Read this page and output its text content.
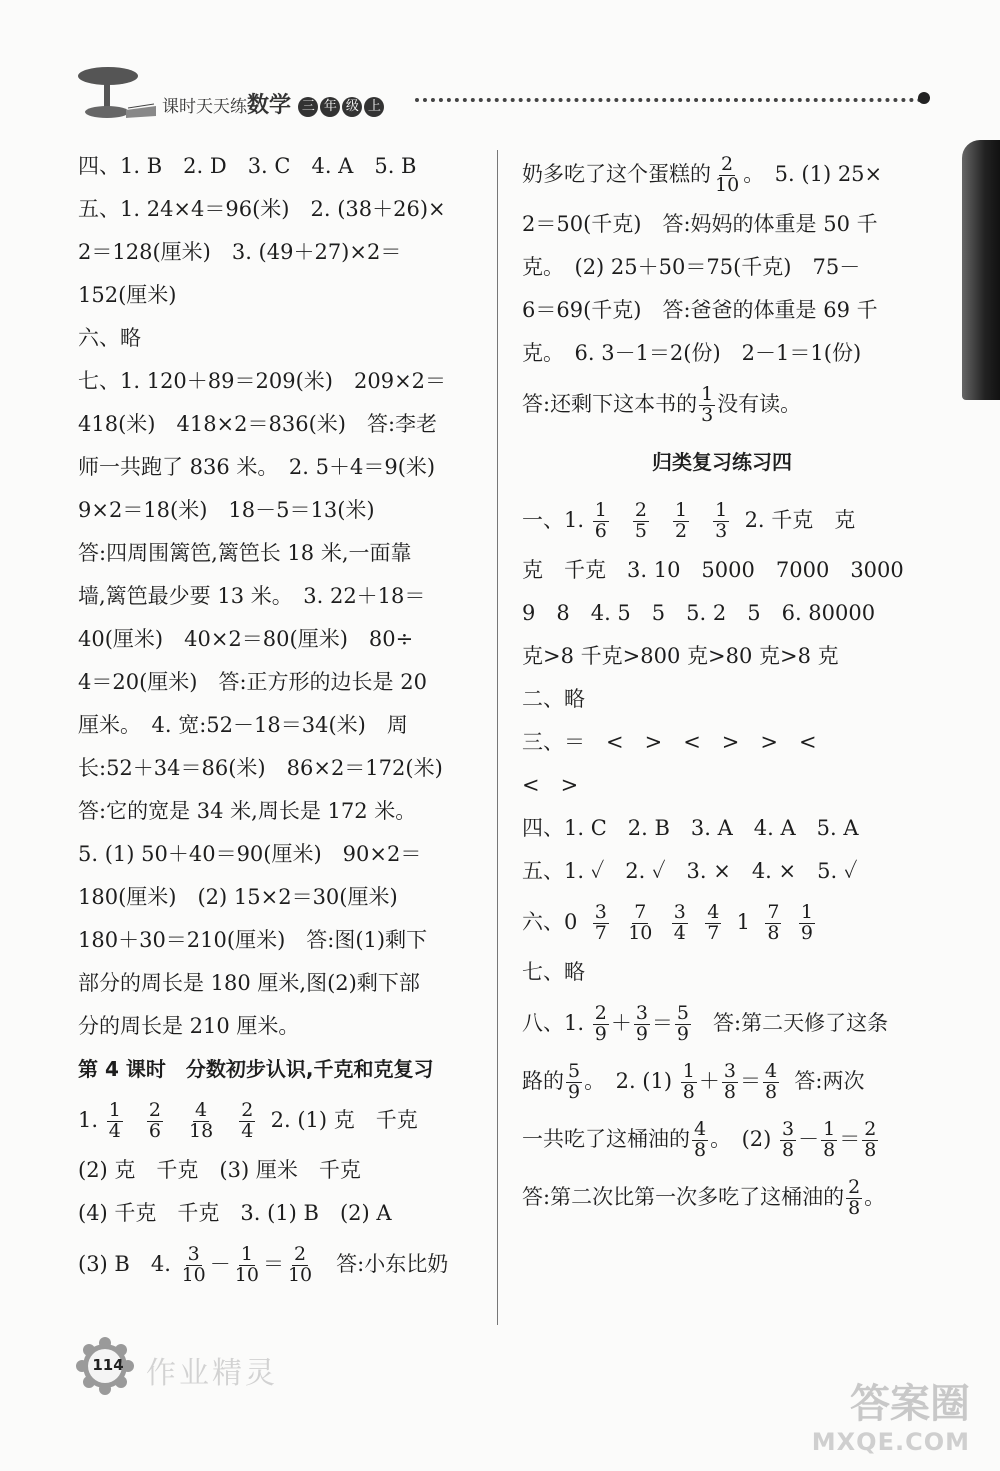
课时天天练数学 三 年 级 上
四、1. B　2. D　3. C　4. A　5. B
五、1. 24×4＝96(米)　2. (38＋26)×
2＝128(厘米)　3. (49＋27)×2＝
152(厘米)
六、略
七、1. 120＋89＝209(米)　209×2＝
418(米)　418×2＝836(米)　答:李老
师一共跑了 836 米。　2. 5＋4＝9(米)
9×2＝18(米)　18－5＝13(米)
答:四周围篱笆,篱笆长 18 米,一面靠
墙,篱笆最少要 13 米。　3. 22＋18＝
40(厘米)　40×2＝80(厘米)　80÷
4＝20(厘米)　答:正方形的边长是 20
厘米。　4. 宽:52－18＝34(米)　周
长:52＋34＝86(米)　86×2＝172(米)
答:它的宽是 34 米,周长是 172 米。
5. (1) 50＋40＝90(厘米)　90×2＝
180(厘米)　(2) 15×2＝30(厘米)
180＋30＝210(厘米)　答:图(1)剩下
部分的周长是 180 厘米,图(2)剩下部
分的周长是 210 厘米。
第 4 课时　分数初步认识,千克和克复习
1. $\frac{1}{4}$
$\frac{2}{6}$
$\frac{4}{18}$
$\frac{2}{4} 2$. (1) 克　千克
(2) 克　千克　(3) 厘米　千克
(4) 千克　千克　3. (1) B　(2) A
(3) B　4. $\frac{3}{10} - \frac{1}{10} = \frac{2}{10}$ 答:小东比奶
奶多吃了这个蛋糕的 $\frac{2}{10}$ 。　5. (1) 25×
2＝50(千克)　答:妈妈的体重是 50 千
克。　(2) 25＋50＝75(千克)　75－
6＝69(千克)　答:爸爸的体重是 69 千
克。　6. 3－1＝2(份)　2－1＝1(份)
答:还剩下这本书的 $\frac{1}{3}$ 没有读。
归类复习练习四
一、1. $\frac{1}{6}$
$\frac{2}{5}$
$\frac{1}{2}$
$\frac{1}{3} 2$. 千克　克
克　千克　3. 10　5000　7000　3000
9　8　4. 5　5　5. 2　5　6. 80000
克>8 千克>800 克>80 克>8 克
二、略
三、＝　<　>　<　>　>　<
<　>
四、1. C　2. B　3. A　4. A　5. A
五、1. ✓　2. ✓　3. ×　4. ×　5. ✓
六、$0 \frac{3}{7}$
$\frac{7}{10}$
$\frac{3}{4}$
$\frac{4}{7} 1 \frac{7}{8}$
$\frac{1}{9}$
七、略
八、1. $\frac{2}{9} + \frac{3}{9} = \frac{5}{9}$ 答:第二天修了这条
路的 $\frac{5}{9}$ 。　2. $(1) \frac{1}{8} + \frac{3}{8} = \frac{4}{8}$ 答:两次
一共吃了这桶油的 $\frac{4}{8}$ 。　$(2) \frac{3}{8} - \frac{1}{8} = \frac{2}{8}$
答:第二次比第一次多吃了这桶油的 $\frac{2}{8}$ 。
114 作业精灵
答案圈
MXQE.COM
